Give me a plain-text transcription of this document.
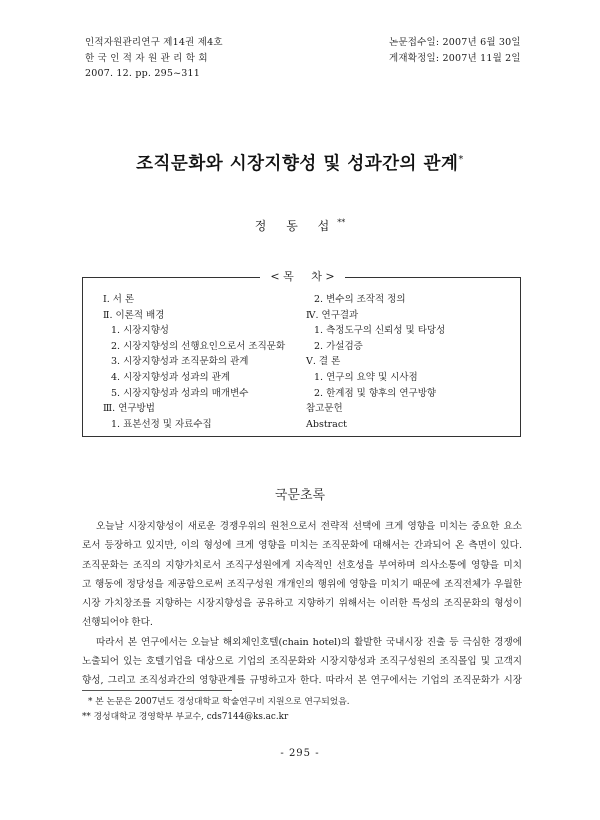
인적자원관리연구 제14권 제4호
한 국 인 적 자 원 관 리 학 회
2007. 12. pp. 295~311
논문접수일: 2007년 6월 30일
게재확정일: 2007년 11월 2일
조직문화와 시장지향성 및 성과간의 관계*
정 동 섭**
< 목     차 >
Ⅰ. 서 론
Ⅱ. 이론적 배경
1. 시장지향성
2. 시장지향성의 선행요인으로서 조직문화
3. 시장지향성과 조직문화의 관계
4. 시장지향성과 성과의 관계
5. 시장지향성과 성과의 매개변수
Ⅲ. 연구방법
1. 표본선정 및 자료수집
2. 변수의 조작적 정의
Ⅳ. 연구결과
1. 측정도구의 신뢰성 및 타당성
2. 가설검증
Ⅴ. 결 론
1. 연구의 요약 및 시사점
2. 한계점 및 향후의 연구방향
참고문헌
Abstract
국문초록
오늘날 시장지향성이 새로운 경쟁우위의 원천으로서 전략적 선택에 크게 영향을 미치는 중요한 요소
로서 등장하고 있지만, 이의 형성에 크게 영향을 미치는 조직문화에 대해서는 간과되어 온 측면이 있다.
조직문화는 조직의 지향가치로서 조직구성원에게 지속적인 선호성을 부여하며 의사소통에 영향을 미치
고 행동에 정당성을 제공함으로써 조직구성원 개개인의 행위에 영향을 미치기 때문에 조직전체가 우월한
시장 가치창조를 지향하는 시장지향성을 공유하고 지향하기 위해서는 이러한 특성의 조직문화의 형성이
선행되어야 한다.
따라서 본 연구에서는 오늘날 해외체인호텔(chain hotel)의 활발한 국내시장 진출 등 극심한 경쟁에
노출되어 있는 호텔기업을 대상으로 기업의 조직문화와 시장지향성과 조직구성원의 조직몰입 및 고객지
향성, 그리고 조직성과간의 영향관계를 규명하고자 한다. 따라서 본 연구에서는 기업의 조직문화가 시장
* 본 논문은 2007년도 경성대학교 학술연구비 지원으로 연구되었음.
** 경성대학교 경영학부 부교수, cds7144@ks.ac.kr
- 295 -
